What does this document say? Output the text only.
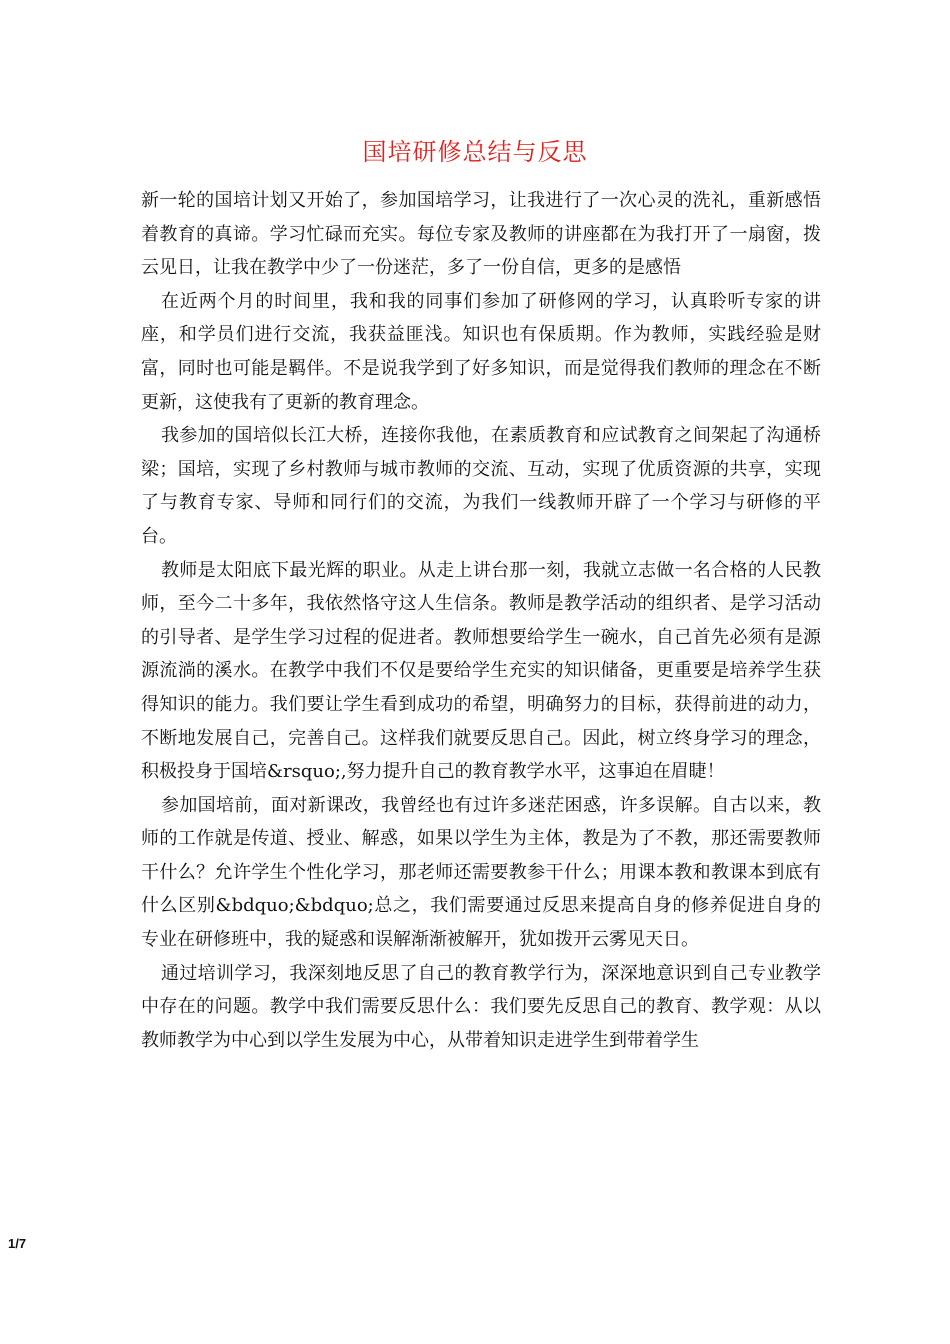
国培研修总结与反思

新一轮的国培计划又开始了，参加国培学习，让我进行了一次心灵的洗礼，重新感悟着教育的真谛。学习忙碌而充实。每位专家及教师的讲座都在为我打开了一扇窗，拨云见日，让我在教学中少了一份迷茫，多了一份自信，更多的是感悟

在近两个月的时间里，我和我的同事们参加了研修网的学习，认真聆听专家的讲座，和学员们进行交流，我获益匪浅。知识也有保质期。作为教师，实践经验是财富，同时也可能是羁伴。不是说我学到了好多知识，而是觉得我们教师的理念在不断更新，这使我有了更新的教育理念。

我参加的国培似长江大桥，连接你我他，在素质教育和应试教育之间架起了沟通桥梁；国培，实现了乡村教师与城市教师的交流、互动，实现了优质资源的共享，实现了与教育专家、导师和同行们的交流，为我们一线教师开辟了一个学习与研修的平台。

教师是太阳底下最光辉的职业。从走上讲台那一刻，我就立志做一名合格的人民教师，至今二十多年，我依然恪守这人生信条。教师是教学活动的组织者、是学习活动的引导者、是学生学习过程的促进者。教师想要给学生一碗水，自己首先必须有是源源流淌的溪水。在教学中我们不仅是要给学生充实的知识储备，更重要是培养学生获得知识的能力。我们要让学生看到成功的希望，明确努力的目标，获得前进的动力，不断地发展自己，完善自己。这样我们就要反思自己。因此，树立终身学习的理念，积极投身于国培&rsquo;,努力提升自己的教育教学水平，这事迫在眉睫！

参加国培前，面对新课改，我曾经也有过许多迷茫困惑，许多误解。自古以来，教师的工作就是传道、授业、解惑，如果以学生为主体，教是为了不教，那还需要教师干什么？允许学生个性化学习，那老师还需要教参干什么；用课本教和教课本到底有什么区别&bdquo;&bdquo;总之，我们需要通过反思来提高自身的修养促进自身的专业在研修班中，我的疑惑和误解渐渐被解开，犹如拨开云雾见天日。

通过培训学习，我深刻地反思了自己的教育教学行为，深深地意识到自己专业教学中存在的问题。教学中我们需要反思什么：我们要先反思自己的教育、教学观：从以教师教学为中心到以学生发展为中心，从带着知识走进学生到带着学生

1/7
